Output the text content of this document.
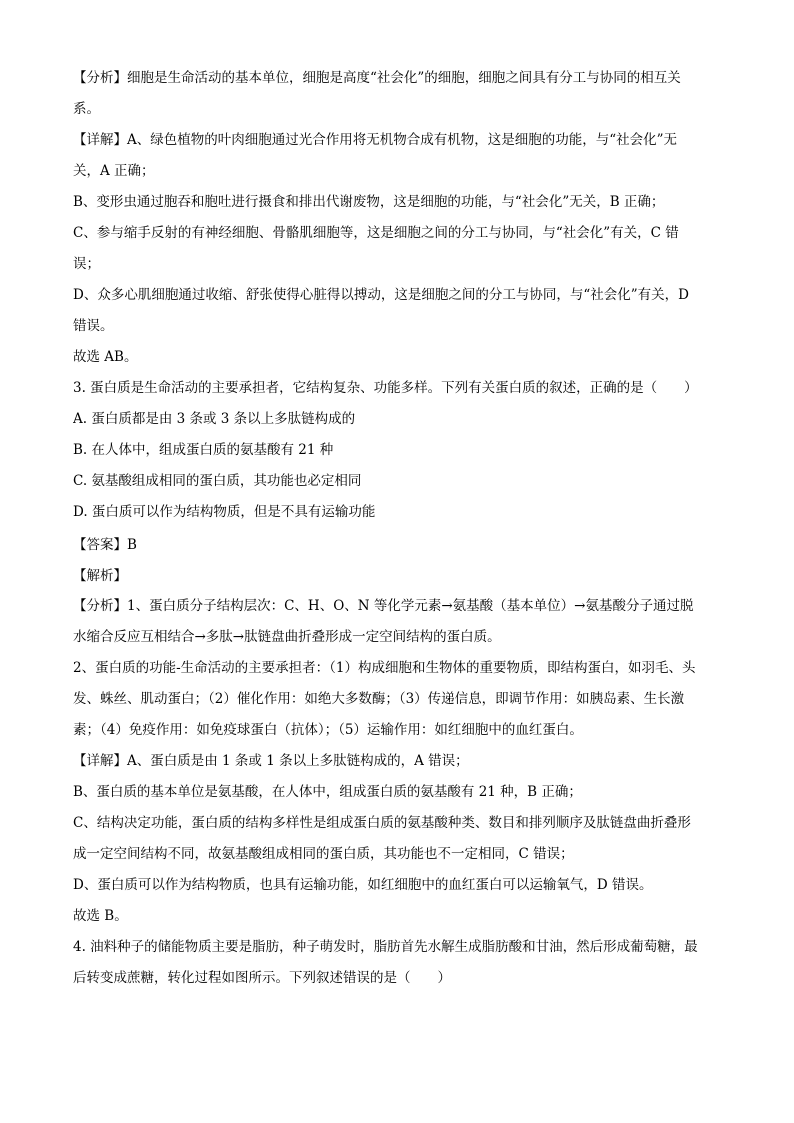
【分析】细胞是生命活动的基本单位，细胞是高度“社会化”的细胞，细胞之间具有分工与协同的相互关
系。
【详解】A、绿色植物的叶肉细胞通过光合作用将无机物合成有机物，这是细胞的功能，与“社会化”无
关，A 正确；
B、变形虫通过胞吞和胞吐进行摄食和排出代谢废物，这是细胞的功能，与“社会化”无关，B 正确；
C、参与缩手反射的有神经细胞、骨骼肌细胞等，这是细胞之间的分工与协同，与“社会化”有关，C 错
误；
D、众多心肌细胞通过收缩、舒张使得心脏得以搏动，这是细胞之间的分工与协同，与“社会化”有关，D
错误。
故选 AB。
3. 蛋白质是生命活动的主要承担者，它结构复杂、功能多样。下列有关蛋白质的叙述，正确的是（　　）
A. 蛋白质都是由 3 条或 3 条以上多肽链构成的
B. 在人体中，组成蛋白质的氨基酸有 21 种
C. 氨基酸组成相同的蛋白质，其功能也必定相同
D. 蛋白质可以作为结构物质，但是不具有运输功能
【答案】B
【解析】
【分析】1、蛋白质分子结构层次：C、H、O、N 等化学元素→氨基酸（基本单位）→氨基酸分子通过脱
水缩合反应互相结合→多肽→肽链盘曲折叠形成一定空间结构的蛋白质。
2、蛋白质的功能-生命活动的主要承担者：（1）构成细胞和生物体的重要物质，即结构蛋白，如羽毛、头
发、蛛丝、肌动蛋白；（2）催化作用：如绝大多数酶；（3）传递信息，即调节作用：如胰岛素、生长激
素；（4）免疫作用：如免疫球蛋白（抗体）；（5）运输作用：如红细胞中的血红蛋白。
【详解】A、蛋白质是由 1 条或 1 条以上多肽链构成的，A 错误；
B、蛋白质的基本单位是氨基酸，在人体中，组成蛋白质的氨基酸有 21 种，B 正确；
C、结构决定功能，蛋白质的结构多样性是组成蛋白质的氨基酸种类、数目和排列顺序及肽链盘曲折叠形
成一定空间结构不同，故氨基酸组成相同的蛋白质，其功能也不一定相同，C 错误；
D、蛋白质可以作为结构物质，也具有运输功能，如红细胞中的血红蛋白可以运输氧气，D 错误。
故选 B。
4. 油料种子的储能物质主要是脂肪，种子萌发时，脂肪首先水解生成脂肪酸和甘油，然后形成葡萄糖，最
后转变成蔗糖，转化过程如图所示。下列叙述错误的是（　　）
